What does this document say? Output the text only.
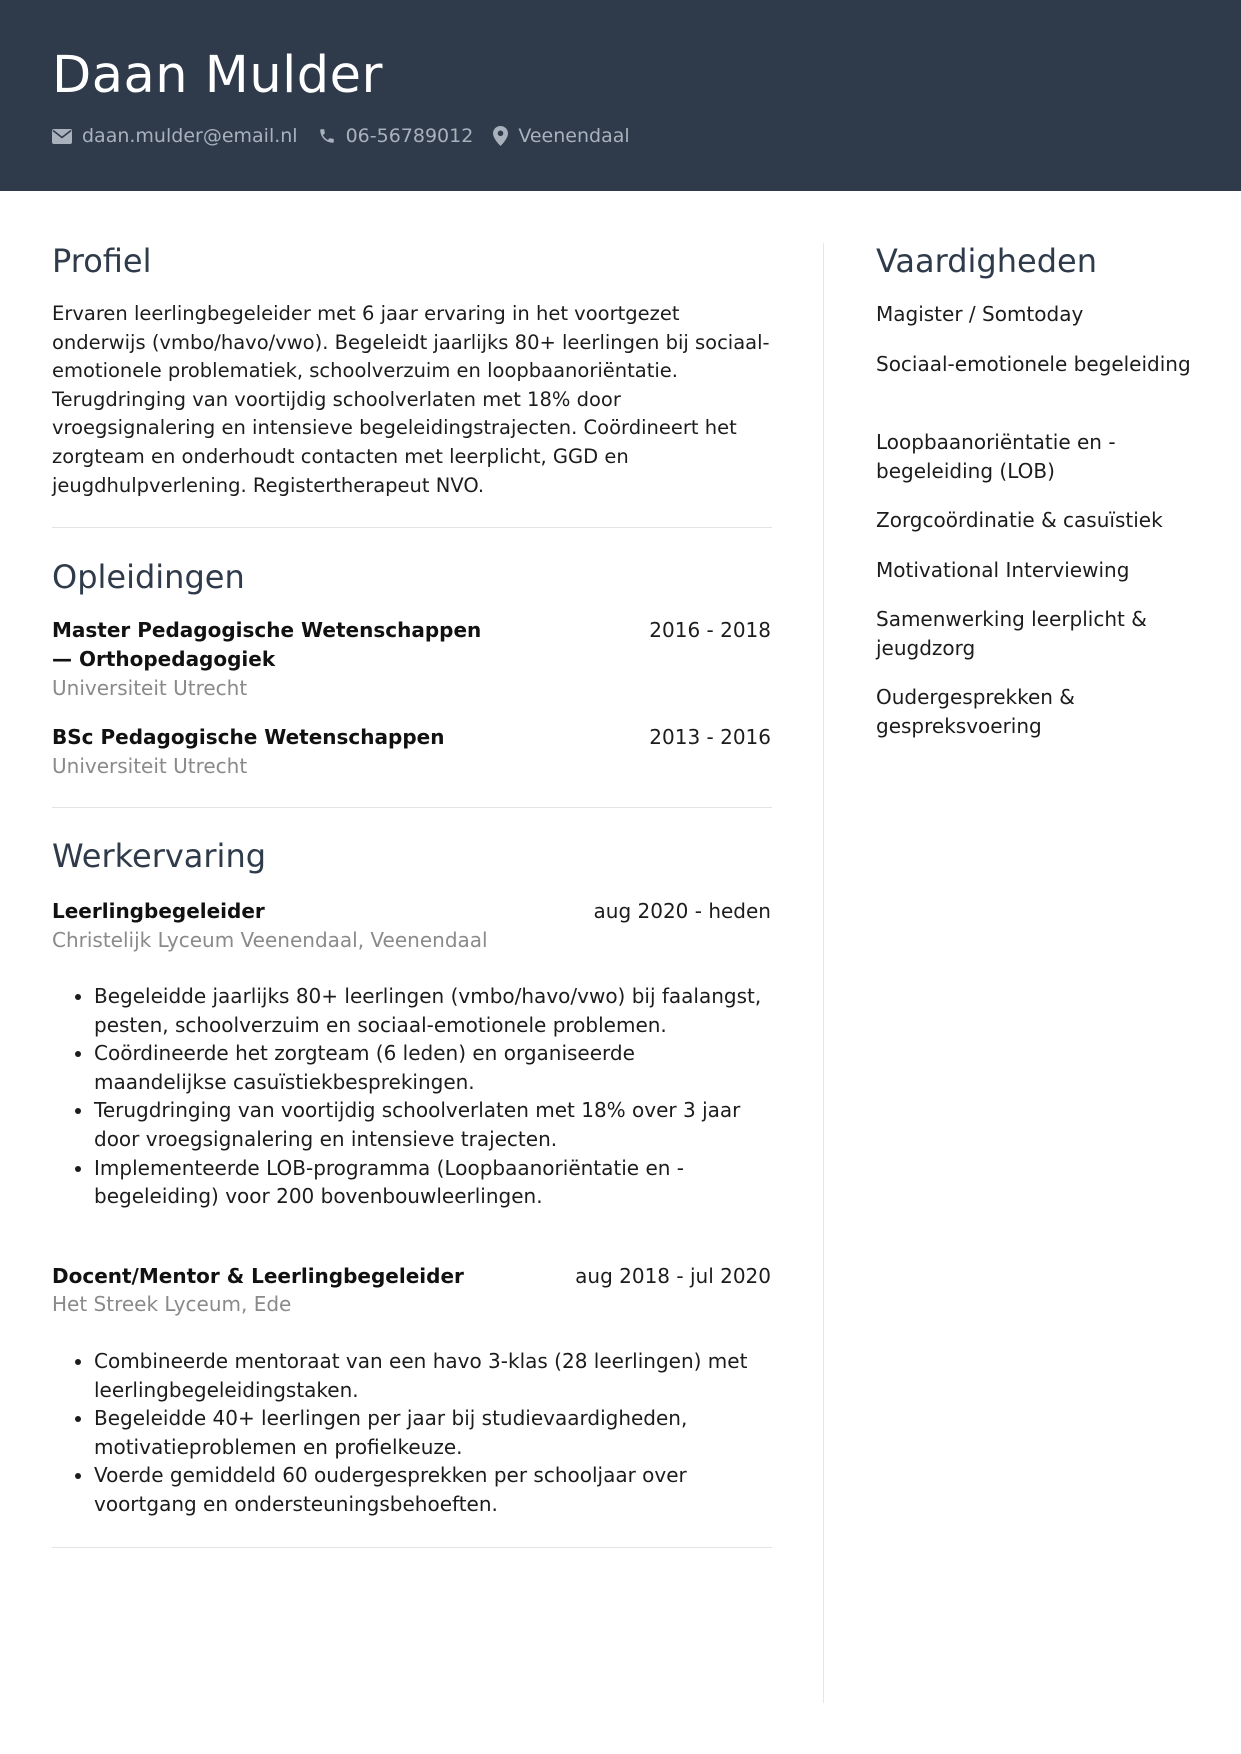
Daan Mulder
daan.mulder@email.nl	06-56789012 Veenendaal
Profiel
Ervaren leerlingbegeleider met 6 jaar ervaring in het voortgezet onderwijs (vmbo/havo/vwo). Begeleidt jaarlijks 80+ leerlingen bij sociaal-emotionele problematiek, schoolverzuim en loopbaanoriëntatie. Terugdringing van voortijdig schoolverlaten met 18% door vroegsignalering en intensieve begeleidingstrajecten. Coördineert het zorgteam en onderhoudt contacten met leerplicht, GGD en jeugdhulpverlening. Registertherapeut NVO.
Opleidingen
Master Pedagogische Wetenschappen — Orthopedagogiek
2016 - 2018
Universiteit Utrecht
BSc Pedagogische Wetenschappen	2013 - 2016
Universiteit Utrecht
Werkervaring
Leerlingbegeleider	aug 2020 - heden
Christelijk Lyceum Veenendaal, Veenendaal
• Begeleidde jaarlijks 80+ leerlingen (vmbo/havo/vwo) bij faalangst, pesten, schoolverzuim en sociaal-emotionele problemen.
• Coördineerde het zorgteam (6 leden) en organiseerde maandelijkse casuïstiekbesprekingen.
• Terugdringing van voortijdig schoolverlaten met 18% over 3 jaar door vroegsignalering en intensieve trajecten.
• Implementeerde LOB-programma (Loopbaanoriëntatie en -begeleiding) voor 200 bovenbouwleerlingen.
Docent/Mentor & Leerlingbegeleider	aug 2018 - jul 2020
Het Streek Lyceum, Ede
• Combineerde mentoraat van een havo 3-klas (28 leerlingen) met leerlingbegeleidingstaken.
• Begeleidde 40+ leerlingen per jaar bij studievaardigheden, motivatieproblemen en profielkeuze.
• Voerde gemiddeld 60 oudergesprekken per schooljaar over voortgang en ondersteuningsbehoeften.
Vaardigheden
Magister / Somtoday
Sociaal-emotionele begeleiding
Loopbaanoriëntatie en -begeleiding (LOB)
Zorgcoördinatie & casuïstiek
Motivational Interviewing
Samenwerking leerplicht & jeugdzorg
Oudergesprekken & gespreksvoering
